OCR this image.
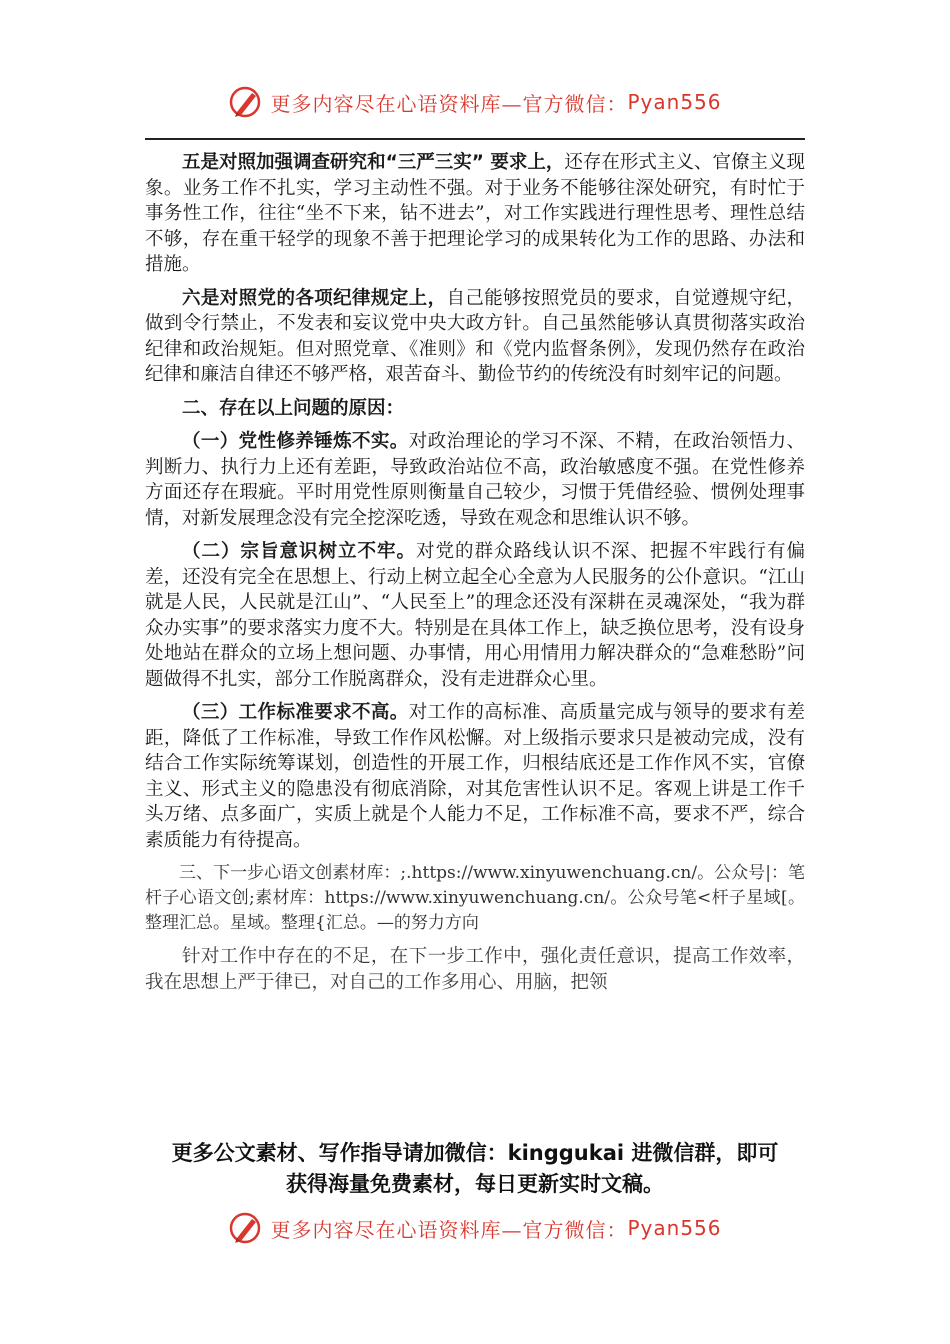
更多内容尽在心语资料库—官方微信： Pyan556

五是对照加强调查研究和“三严三实” 要求上，还存在形式主义、官僚主义现象。业务工作不扎实，学习主动性不强。对于业务不能够往深处研究，有时忙于事务性工作，往往“坐不下来，钻不进去”，对工作实践进行理性思考、理性总结不够，存在重干轻学的现象不善于把理论学习的成果转化为工作的思路、办法和措施。

六是对照党的各项纪律规定上，自己能够按照党员的要求，自觉遵规守纪，做到令行禁止，不发表和妄议党中央大政方针。自己虽然能够认真贯彻落实政治纪律和政治规矩。但对照党章、《准则》和《党内监督条例》，发现仍然存在政治纪律和廉洁自律还不够严格，艰苦奋斗、勤俭节约的传统没有时刻牢记的问题。

二、存在以上问题的原因：

（一）党性修养锤炼不实。对政治理论的学习不深、不精，在政治领悟力、判断力、执行力上还有差距，导致政治站位不高，政治敏感度不强。在党性修养方面还存在瑕疵。平时用党性原则衡量自己较少，习惯于凭借经验、惯例处理事情，对新发展理念没有完全挖深吃透，导致在观念和思维认识不够。

（二）宗旨意识树立不牢。对党的群众路线认识不深、把握不牢践行有偏差，还没有完全在思想上、行动上树立起全心全意为人民服务的公仆意识。“江山就是人民，人民就是江山”、“人民至上”的理念还没有深耕在灵魂深处，“我为群众办实事”的要求落实力度不大。特别是在具体工作上，缺乏换位思考，没有设身处地站在群众的立场上想问题、办事情，用心用情用力解决群众的“急难愁盼”问题做得不扎实，部分工作脱离群众，没有走进群众心里。

（三）工作标准要求不高。对工作的高标准、高质量完成与领导的要求有差距，降低了工作标准，导致工作作风松懈。对上级指示要求只是被动完成，没有结合工作实际统筹谋划，创造性的开展工作，归根结底还是工作作风不实，官僚主义、形式主义的隐患没有彻底消除，对其危害性认识不足。客观上讲是工作千头万绪、点多面广，实质上就是个人能力不足，工作标准不高，要求不严，综合素质能力有待提高。

三、下一步心语文创素材库：;.https://www.xinyuwenchuang.cn/。公众号|：笔杆子心语文创;素材库：https://www.xinyuwenchuang.cn/。公众号笔<杆子星域[。整理汇总。星域。整理{汇总。—的努力方向

针对工作中存在的不足，在下一步工作中，强化责任意识，提高工作效率，我在思想上严于律已，对自己的工作多用心、用脑，把领

更多公文素材、写作指导请加微信：kinggukai 进微信群，即可
获得海量免费素材，每日更新实时文稿。
更多内容尽在心语资料库—官方微信： Pyan556
